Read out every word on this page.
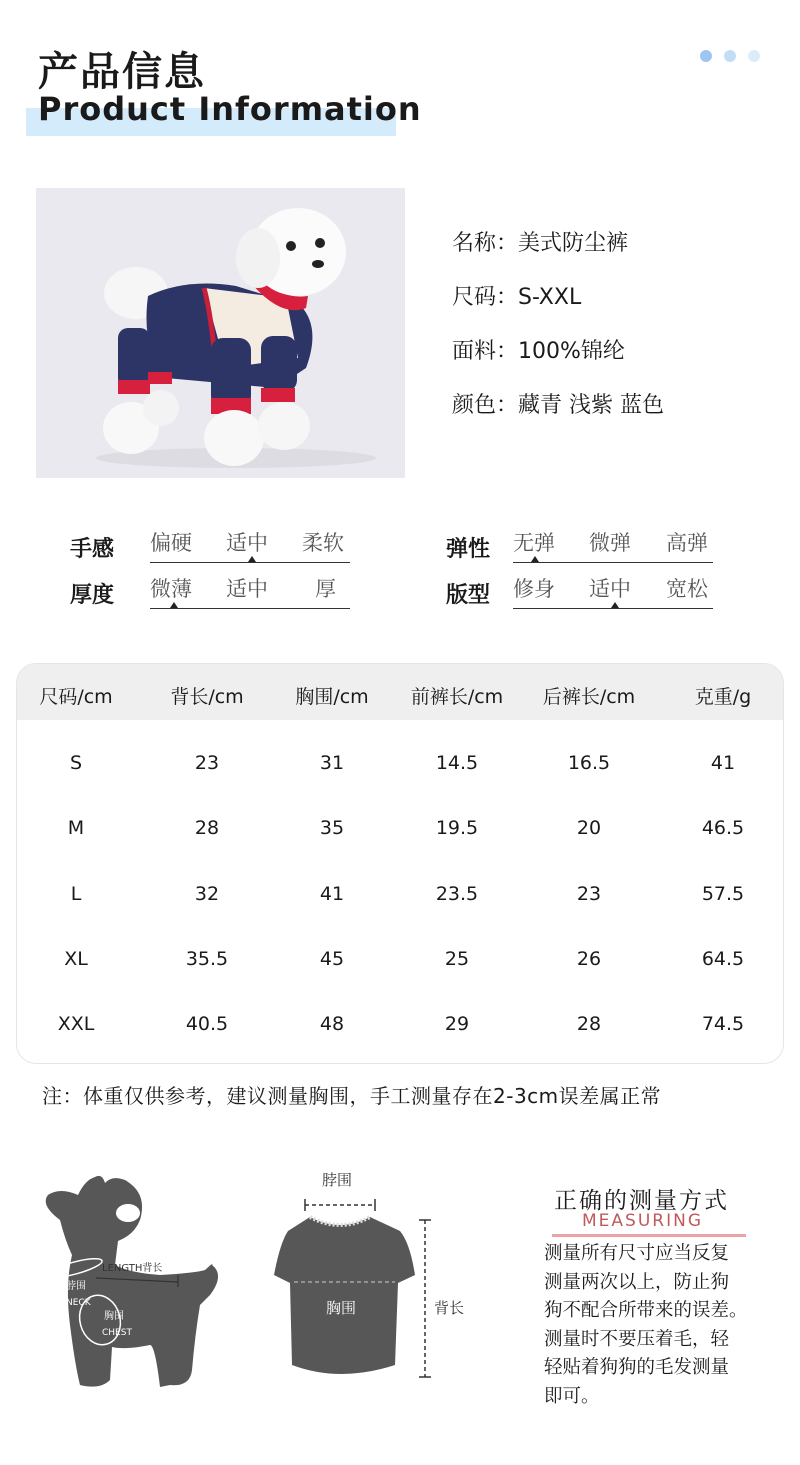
产品信息
Product Information
名称：美式防尘裤
尺码：S-XXL
面料：100%锦纶
颜色：藏青 浅紫 蓝色
手感 偏硬 适中 柔软
厚度 微薄 适中 厚
弹性 无弹 微弹 高弹
版型 修身 适中 宽松
尺码/cm	背长/cm	胸围/cm	前裤长/cm	后裤长/cm	克重/g
S	23	31	14.5	16.5	41
M	28	35	19.5	20	46.5
L	32	41	23.5	23	57.5
XL	35.5	45	25	26	64.5
XXL	40.5	48	29	28	74.5
注：体重仅供参考，建议测量胸围，手工测量存在2-3cm误差属正常
LENGTH背长
脖围
NECK
胸围
CHEST
脖围
胸围	背长
正确的测量方式
MEASURING
测量所有尺寸应当反复
测量两次以上，防止狗
狗不配合所带来的误差。
测量时不要压着毛，轻
轻贴着狗狗的毛发测量
即可。
